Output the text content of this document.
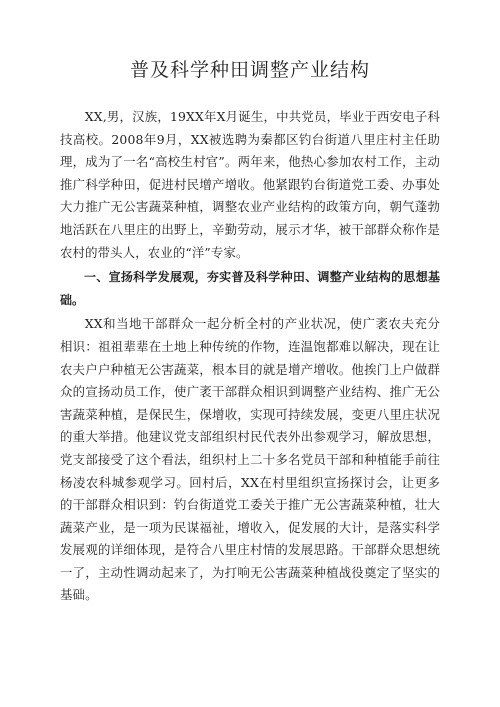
普及科学种田调整产业结构

XX,男，汉族，19XX年X月诞生，中共党员，毕业于西安电子科技高校。2008年9月，XX被选聘为秦都区钓台街道八里庄村主任助理，成为了一名“高校生村官”。两年来，他热心参加农村工作，主动推广科学种田，促进村民增产增收。他紧跟钓台街道党工委、办事处大力推广无公害蔬菜种植，调整农业产业结构的政策方向，朝气蓬勃地活跃在八里庄的出野上，辛勤劳动，展示才华，被干部群众称作是农村的带头人，农业的“洋”专家。

一、宣扬科学发展观，夯实普及科学种田、调整产业结构的思想基础。

XX和当地干部群众一起分析全村的产业状况，使广袤农夫充分相识：祖祖辈辈在土地上种传统的作物，连温饱都难以解决，现在让农夫户户种植无公害蔬菜，根本目的就是增产增收。他挨门上户做群众的宣扬动员工作，使广袤干部群众相识到调整产业结构、推广无公害蔬菜种植，是保民生，保增收，实现可持续发展，变更八里庄状况的重大举措。他建议党支部组织村民代表外出参观学习，解放思想，党支部接受了这个看法，组织村上二十多名党员干部和种植能手前往杨凌农科城参观学习。回村后，XX在村里组织宣扬探讨会，让更多的干部群众相识到：钓台街道党工委关于推广无公害蔬菜种植，壮大蔬菜产业，是一项为民谋福祉，增收入，促发展的大计，是落实科学发展观的详细体现，是符合八里庄村情的发展思路。干部群众思想统一了，主动性调动起来了，为打响无公害蔬菜种植战役奠定了坚实的基础。
